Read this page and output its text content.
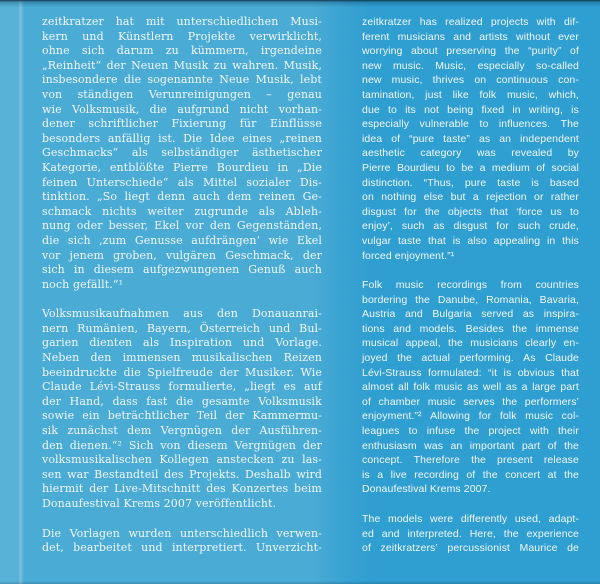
zeitkratzer hat mit unterschiedlichen Musi-
kern und Künstlern Projekte verwirklicht,
ohne sich darum zu kümmern, irgendeine
„Reinheit“ der Neuen Musik zu wahren. Musik,
insbesondere die sogenannte Neue Musik, lebt
von ständigen Verunreinigungen – genau
wie Volksmusik, die aufgrund nicht vorhan-
dener schriftlicher Fixierung für Einflüsse
besonders anfällig ist. Die Idee eines „reinen
Geschmacks“ als selbständiger ästhetischer
Kategorie, entblößte Pierre Bourdieu in „Die
feinen Unterschiede“ als Mittel sozialer Dis-
tinktion. „So liegt denn auch dem reinen Ge-
schmack nichts weiter zugrunde als Ableh-
nung oder besser, Ekel vor den Gegenständen,
die sich ‚zum Genusse aufdrängen‘ wie Ekel
vor jenem groben, vulgären Geschmack, der
sich in diesem aufgezwungenen Genuß auch
noch gefällt.“¹
Volksmusikaufnahmen aus den Donauanrai-
nern Rumänien, Bayern, Österreich und Bul-
garien dienten als Inspiration und Vorlage.
Neben den immensen musikalischen Reizen
beeindruckte die Spielfreude der Musiker. Wie
Claude Lévi-Strauss formulierte, „liegt es auf
der Hand, dass fast die gesamte Volksmusik
sowie ein beträchtlicher Teil der Kammermu-
sik zunächst dem Vergnügen der Ausführen-
den dienen.“² Sich von diesem Vergnügen der
volksmusikalischen Kollegen anstecken zu las-
sen war Bestandteil des Projekts. Deshalb wird
hiermit der Live-Mitschnitt des Konzertes beim
Donaufestival Krems 2007 veröffentlicht.
Die Vorlagen wurden unterschiedlich verwen-
det, bearbeitet und interpretiert. Unverzicht-
zeitkratzer has realized projects with dif-
ferent musicians and artists without ever
worrying about preserving the “purity” of
new music. Music, especially so-called
new music, thrives on continuous con-
tamination, just like folk music, which,
due to its not being fixed in writing, is
especially vulnerable to influences. The
idea of “pure taste” as an independent
aesthetic category was revealed by
Pierre Bourdieu to be a medium of social
distinction. “Thus, pure taste is based
on nothing else but a rejection or rather
disgust for the objects that ‘force us to
enjoy’, such as disgust for such crude,
vulgar taste that is also appealing in this
forced enjoyment.”¹
Folk music recordings from countries
bordering the Danube, Romania, Bavaria,
Austria and Bulgaria served as inspira-
tions and models. Besides the immense
musical appeal, the musicians clearly en-
joyed the actual performing. As Claude
Lévi-Strauss formulated: “it is obvious that
almost all folk music as well as a large part
of chamber music serves the performers’
enjoyment.”² Allowing for folk music col-
leagues to infuse the project with their
enthusiasm was an important part of the
concept. Therefore the present release
is a live recording of the concert at the
Donaufestival Krems 2007.
The models were differently used, adapt-
ed and interpreted. Here, the experience
of zeitkratzers’ percussionist Maurice de
